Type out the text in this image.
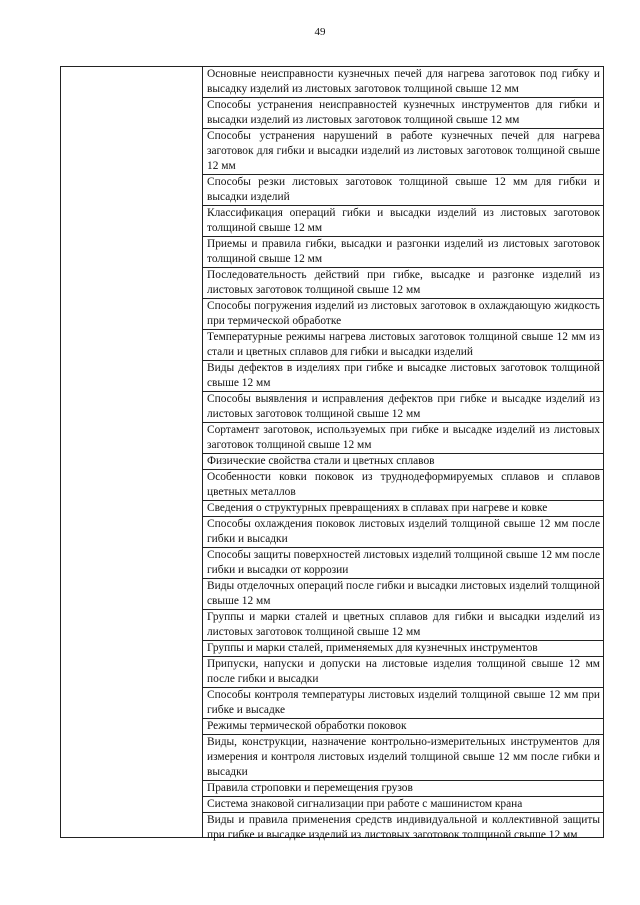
49
Основные неисправности кузнечных печей для нагрева заготовок под гибку и высадку изделий из листовых заготовок толщиной свыше 12 мм
Способы устранения неисправностей кузнечных инструментов для гибки и высадки изделий из листовых заготовок толщиной свыше 12 мм
Способы устранения нарушений в работе кузнечных печей для нагрева заготовок для гибки и высадки изделий из листовых заготовок толщиной свыше 12 мм
Способы резки листовых заготовок толщиной свыше 12 мм для гибки и высадки изделий
Классификация операций гибки и высадки изделий из листовых заготовок толщиной свыше 12 мм
Приемы и правила гибки, высадки и разгонки изделий из листовых заготовок толщиной свыше 12 мм
Последовательность действий при гибке, высадке и разгонке изделий из листовых заготовок толщиной свыше 12 мм
Способы погружения изделий из листовых заготовок в охлаждающую жидкость при термической обработке
Температурные режимы нагрева листовых заготовок толщиной свыше 12 мм из стали и цветных сплавов для гибки и высадки изделий
Виды дефектов в изделиях при гибке и высадке листовых заготовок толщиной свыше 12 мм
Способы выявления и исправления дефектов при гибке и высадке изделий из листовых заготовок толщиной свыше 12 мм
Сортамент заготовок, используемых при гибке и высадке изделий из листовых заготовок толщиной свыше 12 мм
Физические свойства стали и цветных сплавов
Особенности ковки поковок из труднодеформируемых сплавов и сплавов цветных металлов
Сведения о структурных превращениях в сплавах при нагреве и ковке
Способы охлаждения поковок листовых изделий толщиной свыше 12 мм после гибки и высадки
Способы защиты поверхностей листовых изделий толщиной свыше 12 мм после гибки и высадки от коррозии
Виды отделочных операций после гибки и высадки листовых изделий толщиной свыше 12 мм
Группы и марки сталей и цветных сплавов для гибки и высадки изделий из листовых заготовок толщиной свыше 12 мм
Группы и марки сталей, применяемых для кузнечных инструментов
Припуски, напуски и допуски на листовые изделия толщиной свыше 12 мм после гибки и высадки
Способы контроля температуры листовых изделий толщиной свыше 12 мм при гибке и высадке
Режимы термической обработки поковок
Виды, конструкции, назначение контрольно-измерительных инструментов для измерения и контроля листовых изделий толщиной свыше 12 мм после гибки и высадки
Правила строповки и перемещения грузов
Система знаковой сигнализации при работе с машинистом крана
Виды и правила применения средств индивидуальной и коллективной защиты при гибке и высадке изделий из листовых заготовок толщиной свыше 12 мм
